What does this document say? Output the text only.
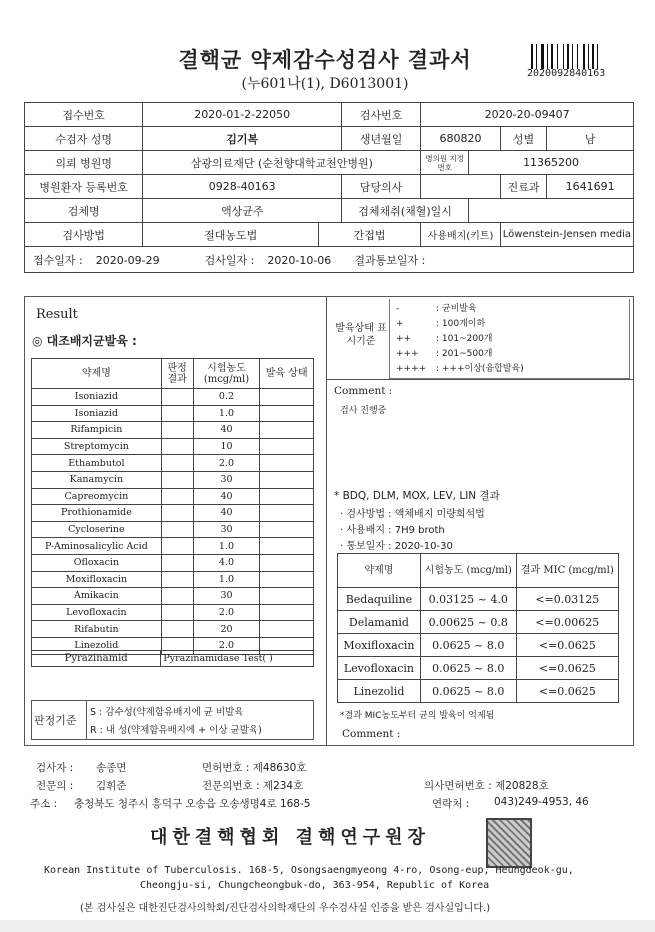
결핵균 약제감수성검사 결과서
(누601나(1), D6013001)
2020092840163
접수번호	2020-01-2-22050		검사번호	2020-20-09407			
수검자 성명	김기복		생년월일	680820		성별	남
의뢰 병원명	삼광의료재단 (순천향대학교천안병원)			병의원 지정번호	11365200		
병원환자 등록번호	0928-40163		담당의사			진료과	1641691
검체명	액상균주		검체채취(채혈)일시				
검사방법	절대농도법	간접법		사용배지(키트)		Löwenstein-Jensen media	
접수일자 : 2020-09-29 검사일자 : 2020-10-06 결과통보일자 :							
Result
◎ 대조배지균발육 :
약제명	판정 결과	시험농도 (mcg/ml)	발육 상태
Isoniazid		0.2	
Isoniazid		1.0	
Rifampicin		40	
Streptomycin		10	
Ethambutol		2.0	
Kanamycin		30	
Capreomycin		40	
Prothionamide		40	
Cycloserine		30	
P-Aminosalicylic Acid		1.0	
Ofloxacin		4.0	
Moxifloxacin		1.0	
Amikacin		30	
Levofloxacin		2.0	
Rifabutin		20	
Linezolid		2.0	
Pyrazinamid	Pyrazinamidase Test( )
판정기준
S : 감수성(약제함유배지에 균 비발육
R : 내 성(약제함유배지에 + 이상 균발육)
발육상태 표시기준
-	: 균비발육
+	: 100개이하
++	: 101~200개
+++ : 201~500개
++++ : +++이상(융합발육)
Comment :
검사 진행중
* BDQ, DLM, MOX, LEV, LIN 결과
· 검사방법 : 액체배지 미량희석법
· 사용배지 : 7H9 broth
· 통보일자 : 2020-10-30
약제명	시험농도 (mcg/ml)	결과 MIC (mcg/ml)
Bedaquiline	0.03125 ~ 4.0	<=0.03125
Delamanid	0.00625 ~ 0.8	<=0.00625
Moxifloxacin	0.0625 ~ 8.0	<=0.0625
Levofloxacin	0.0625 ~ 8.0	<=0.0625
Linezolid	0.0625 ~ 8.0	<=0.0625
*결과 MIC농도부터 균의 발육이 억제됨
Comment :
검사자 : 송종면	면허번호 : 제48630호
전문의 : 김휘준	전문의번호 : 제234호	의사면허번호 : 제20828호
주소 : 충청북도 청주시 흥덕구 오송읍 오송생명4로 168-5	연락처 : 043)249-4953, 46
대한결핵협회 결핵연구원장
Korean Institute of Tuberculosis. 168-5, Osongsaengmyeong 4-ro, Osong-eup, Heungdeok-gu,
Cheongju-si, Chungcheongbuk-do, 363-954, Republic of Korea
(본 검사실은 대한진단검사의학회/진단검사의학재단의 우수검사실 인증을 받은 검사실입니다.)
